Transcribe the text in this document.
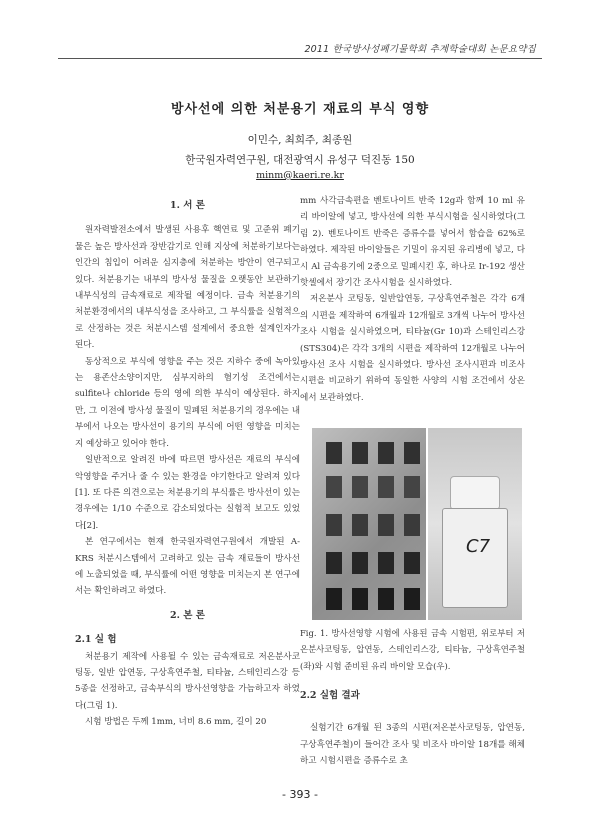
2011 한국방사성폐기물학회 추계학술대회 논문요약집
방사선에 의한 처분용기 재료의 부식 영향
이민수, 최희주, 최종원
한국원자력연구원, 대전광역시 유성구 덕진동 150
minm@kaeri.re.kr
1. 서 론

원자력발전소에서 발생된 사용후 핵연료 및 고준위 폐기물은 높은 방사선과 장반감기로 인해 지상에 처분하기보다는 인간의 침입이 어려운 심지층에 처분하는 방안이 연구되고 있다. 처분용기는 내부의 방사성 물질을 오랫동안 보관하기 내부식성의 금속재료로 제작될 예정이다. 금속 처분용기의 처분환경에서의 내부식성을 조사하고, 그 부식률을 실험적으로 산정하는 것은 처분시스템 설계에서 중요한 설계인자가 된다.

동상적으로 부식에 영향을 주는 것은 지하수 중에 녹아있는 용존산소양이지만, 심부지하의 혐기성 조건에서는 sulfite나 chloride 등의 영에 의한 부식이 예상된다. 하지만, 그 이전에 방사성 물질이 밀폐된 처분용기의 경우에는 내부에서 나오는 방사선이 용기의 부식에 어떤 영향을 미치는지 예상하고 있어야 한다.

일반적으로 알려진 바에 따르면 방사선은 재료의 부식에 악영향을 주거나 줄 수 있는 환경을 야기한다고 알려져 있다[1]. 또 다른 의견으로는 처분용기의 부식률은 방사선이 있는 경우에는 1/10 수준으로 감소되었다는 실험적 보고도 있었다[2].

본 연구에서는 현재 한국원자력연구원에서 개발된 A-KRS 처분시스템에서 고려하고 있는 금속 재료들이 방사선에 노출되었을 때, 부식률에 어떤 영향을 미치는지 본 연구에서는 확인하려고 하였다.

2. 본 론
2.1 실 험

처분용기 제작에 사용될 수 있는 금속재료로 저온분사코팅동, 일반 압연동, 구상흑연주철, 티타늄, 스테인리스강 등 5종을 선정하고, 금속부식의 방사선영향을 가늠하고자 하였다(그림 1).

시험 방법은 두께 1mm, 너비 8.6 mm, 길이 20

mm 사각금속편을 벤토나이트 반죽 12g과 함께 10 ml 유리 바이알에 넣고, 방사선에 의한 부식시험을 실시하였다(그림 2). 벤토나이트 반죽은 증류수를 넣어서 함습을 62%로 하였다. 제작된 바이알들은 기밀이 유지된 유리병에 넣고, 다시 Al 금속용기에 2중으로 밀폐시킨 후, 하나로 Ir-192 생산 핫셀에서 장기간 조사시험을 실시하였다.

저온분사 코팅동, 일반압연동, 구상흑연주철은 각각 6개의 시편을 제작하여 6개월과 12개월로 3개씩 나누어 방사선 조사 시험을 실시하였으며, 티타늄(Gr 10)과 스테인리스강(STS304)은 각각 3개의 시편을 제작하여 12개월로 나누어 방사선 조사 시험을 실시하였다. 방사선 조사시편과 비조사 시편을 비교하기 위하여 동일한 사양의 시험 조건에서 상온에서 보관하였다.

C7
Fig. 1. 방사선영향 시험에 사용된 금속 시험편, 위로부터 저온분사코팅동, 압연동, 스테인리스강, 티타늄, 구상흑연주철(좌)와 시험 준비된 유리 바이알 모습(우).
2.2 실험 결과

실험기간 6개월 된 3종의 시편(저온분사코팅동, 압연동, 구상흑연주철)이 들어간 조사 및 비조사 바이알 18개를 해체하고 시험시편을 증류수로 초

- 393 -
